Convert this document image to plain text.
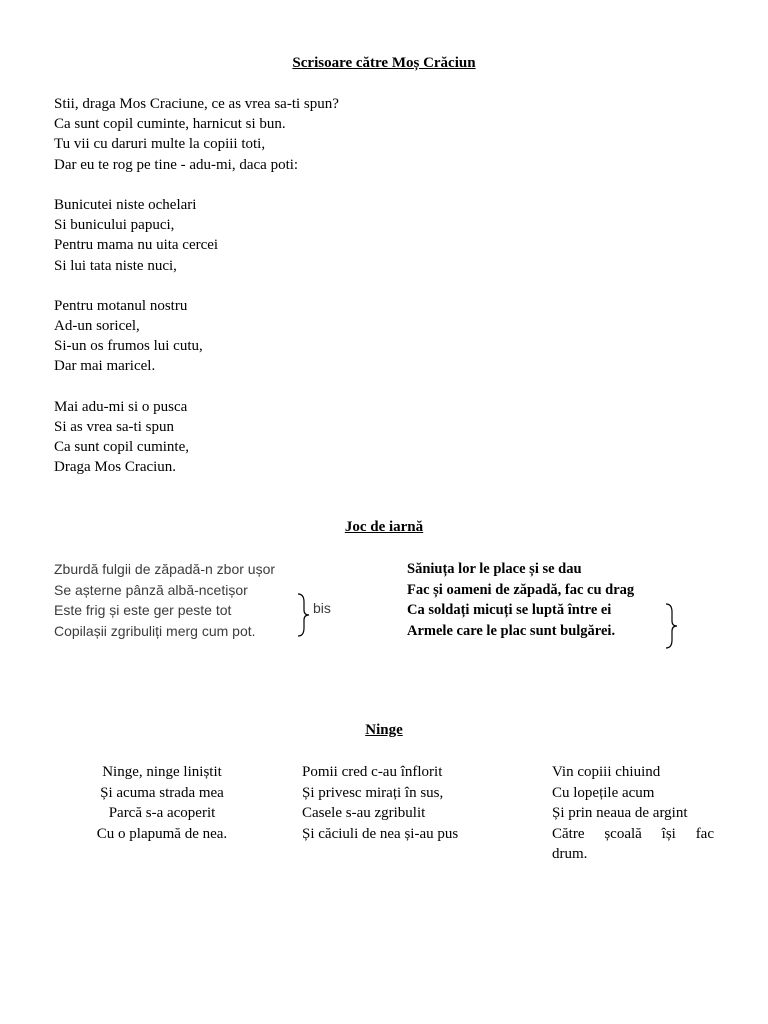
Scrisoare către Moș Crăciun
Stii, draga Mos Craciune, ce as vrea sa-ti spun?
Ca sunt copil cuminte, harnicut si bun.
Tu vii cu daruri multe la copiii toti,
Dar eu te rog pe tine - adu-mi, daca poti:
Bunicutei niste ochelari
Si bunicului papuci,
Pentru mama nu uita cercei
Si lui tata niste nuci,
Pentru motanul nostru
Ad-un soricel,
Si-un os frumos lui cutu,
Dar mai maricel.
Mai adu-mi si o pusca
Si as vrea sa-ti spun
Ca sunt copil cuminte,
Draga Mos Craciun.
Joc de iarnă
Zburdă fulgii de zăpadă-n zbor ușor
Se așterne pânză albă-ncetișor
Este frig și este ger peste tot
Copilașii zgribuliți merg cum pot.
bis
Săniuța lor le place și se dau
Fac și oameni de zăpadă, fac cu drag
Ca soldați micuți se luptă între ei
Armele care le plac sunt bulgărei.
Ninge
Ninge, ninge liniștit
Și acuma strada mea
Parcă s-a acoperit
Cu o plapumă de nea.
Pomii cred c-au înflorit
Și privesc mirați în sus,
Casele s-au zgribulit
Și căciuli de nea și-au pus
Vin copiii chiuind
Cu lopețile acum
Și prin neaua de argint
Către școală își fac
drum.
